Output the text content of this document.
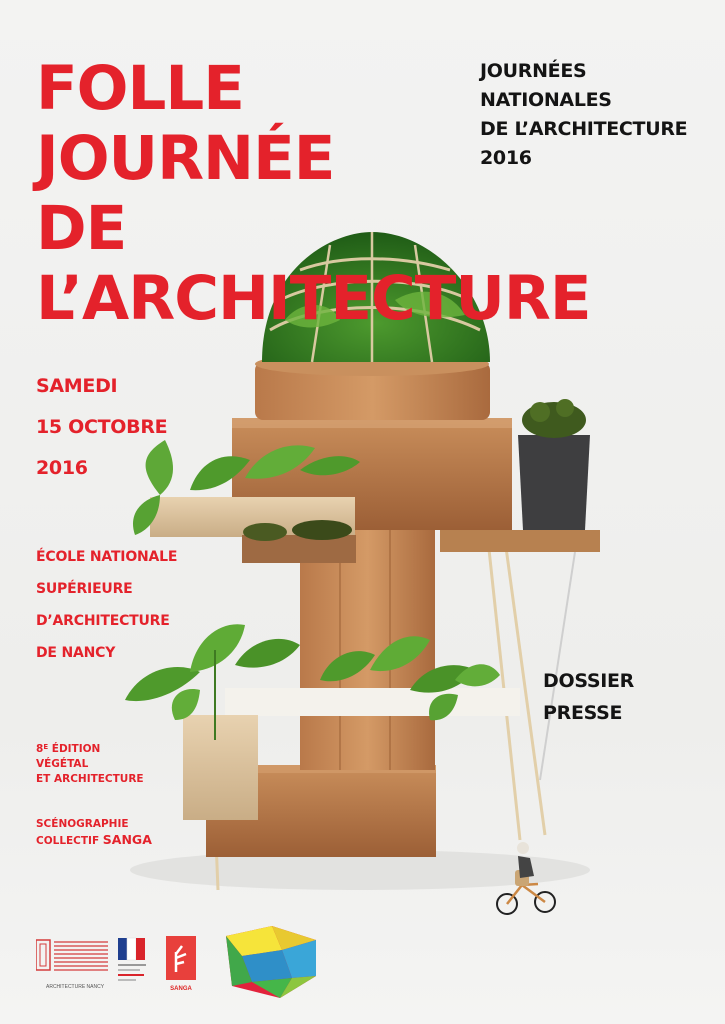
FOLLE
JOURNÉE
DE
L’ARCHITECTURE
JOURNÉES
NATIONALES
DE L’ARCHITECTURE
2016
SAMEDI
15 OCTOBRE
2016
ÉCOLE NATIONALE
SUPÉRIEURE
D’ARCHITECTURE
DE NANCY
$8^E$ ÉDITION
VÉGÉTAL
ET ARCHITECTURE
SCÉNOGRAPHIE
COLLECTIF SANGA
DOSSIER
PRESSE
ARCHITECTURE NANCY	SANGA
